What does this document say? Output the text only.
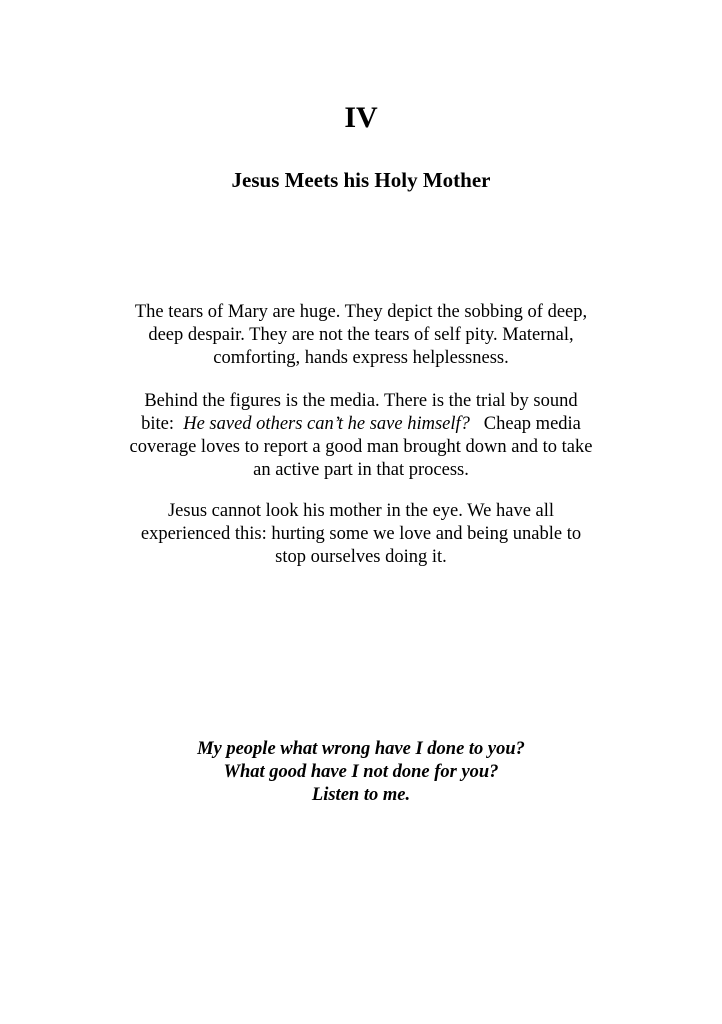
IV
Jesus Meets his Holy Mother

The tears of Mary are huge. They depict the sobbing of deep,
deep despair. They are not the tears of self pity. Maternal,
comforting, hands express helplessness.

Behind the figures is the media. There is the trial by sound
bite:  He saved others can’t he save himself?   Cheap media
coverage loves to report a good man brought down and to take
an active part in that process.

Jesus cannot look his mother in the eye. We have all
experienced this: hurting some we love and being unable to
stop ourselves doing it.

My people what wrong have I done to you?
What good have I not done for you?
Listen to me.
